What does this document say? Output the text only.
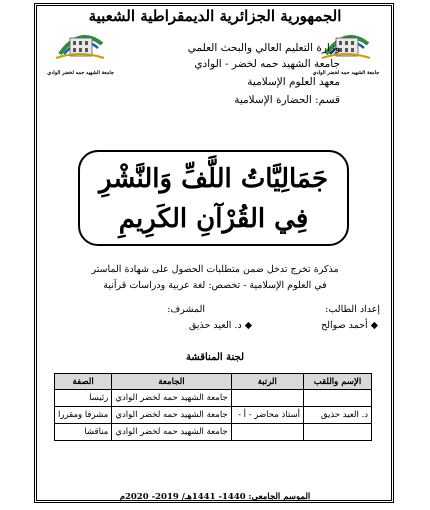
الجمهورية الجزائرية الديمقراطية الشعبية
جامعة الشهيد حمه لخضر الوادي	جامعة الشهيد حمه لخضر الوادي
وزارة التعليم العالي والبحث العلمي
جامعة الشهيد حمه لخضر - الوادي
معهد العلوم الإسلامية
قسم: الحضارة الإسلامية
جَمَالِيَّاتُ اللَّفِّ وَالنَّشْرِ
فِي القُرْآنِ الكَرِيمِ
مذكرة تخرج تدخل ضمن متطلبات الحصول على شهادة الماستر
في العلوم الإسلامية - تخصص: لغة عربية ودراسات قرآنية
إعداد الطالب:
◆ أحمد صوالح
المشرف:
◆ د. العيد حذيق
لجنة المناقشة
الإسم واللقب	الرتبة	الجامعة	الصفة
		جامعة الشهيد حمه لخضر الوادي	رئيسا
د. العيد حذيق	أستاذ محاضر - أ -	جامعة الشهيد حمه لخضر الوادي	مشرفا ومقررا
		جامعة الشهيد حمه لخضر الوادي	مناقشا
الموسم الجامعي: 1440- 1441هـ/ 2019- 2020م
